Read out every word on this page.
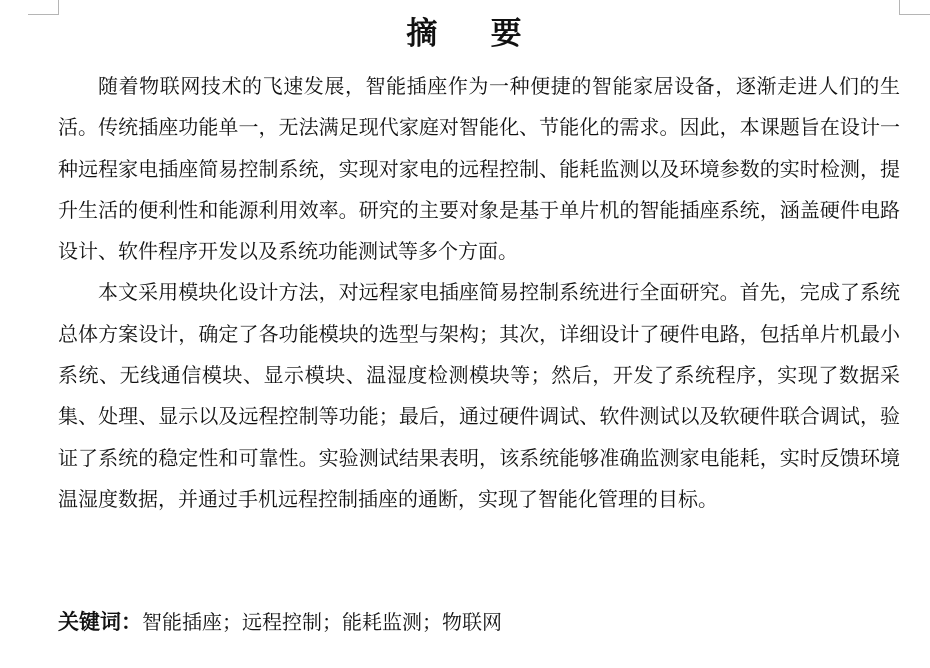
摘    要

随着物联网技术的飞速发展，智能插座作为一种便捷的智能家居设备，逐渐走进人们的生活。传统插座功能单一，无法满足现代家庭对智能化、节能化的需求。因此，本课题旨在设计一种远程家电插座简易控制系统，实现对家电的远程控制、能耗监测以及环境参数的实时检测，提升生活的便利性和能源利用效率。研究的主要对象是基于单片机的智能插座系统，涵盖硬件电路设计、软件程序开发以及系统功能测试等多个方面。

本文采用模块化设计方法，对远程家电插座简易控制系统进行全面研究。首先，完成了系统总体方案设计，确定了各功能模块的选型与架构；其次，详细设计了硬件电路，包括单片机最小系统、无线通信模块、显示模块、温湿度检测模块等；然后，开发了系统程序，实现了数据采集、处理、显示以及远程控制等功能；最后，通过硬件调试、软件测试以及软硬件联合调试，验证了系统的稳定性和可靠性。实验测试结果表明，该系统能够准确监测家电能耗，实时反馈环境温湿度数据，并通过手机远程控制插座的通断，实现了智能化管理的目标。

关键词：智能插座；远程控制；能耗监测；物联网
